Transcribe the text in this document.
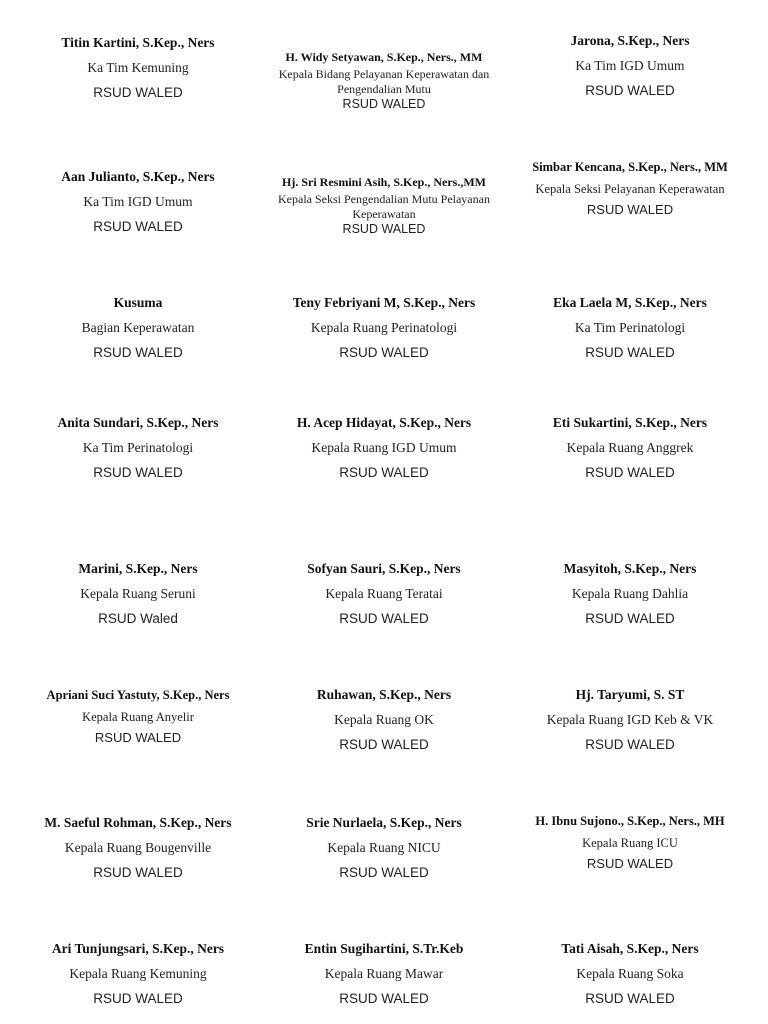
Titin Kartini, S.Kep., Ners
Ka Tim Kemuning
RSUD WALED
H. Widy Setyawan, S.Kep., Ners., MM
Kepala Bidang Pelayanan Keperawatan dan Pengendalian Mutu
RSUD WALED
Jarona, S.Kep., Ners
Ka Tim IGD Umum
RSUD WALED
Aan Julianto, S.Kep., Ners
Ka Tim IGD Umum
RSUD WALED
Hj. Sri Resmini Asih, S.Kep., Ners.,MM
Kepala Seksi Pengendalian Mutu Pelayanan Keperawatan
RSUD WALED
Simbar Kencana, S.Kep., Ners., MM
Kepala Seksi Pelayanan Keperawatan
RSUD WALED
Kusuma
Bagian Keperawatan
RSUD WALED
Teny Febriyani M, S.Kep., Ners
Kepala Ruang Perinatologi
RSUD WALED
Eka Laela M, S.Kep., Ners
Ka Tim Perinatologi
RSUD WALED
Anita Sundari, S.Kep., Ners
Ka Tim Perinatologi
RSUD WALED
H. Acep Hidayat, S.Kep., Ners
Kepala Ruang IGD Umum
RSUD WALED
Eti Sukartini, S.Kep., Ners
Kepala Ruang Anggrek
RSUD WALED
Marini, S.Kep., Ners
Kepala Ruang Seruni
RSUD Waled
Sofyan Sauri, S.Kep., Ners
Kepala Ruang Teratai
RSUD WALED
Masyitoh, S.Kep., Ners
Kepala Ruang Dahlia
RSUD WALED
Apriani Suci Yastuty, S.Kep., Ners
Kepala Ruang Anyelir
RSUD WALED
Ruhawan, S.Kep., Ners
Kepala Ruang OK
RSUD WALED
Hj. Taryumi, S. ST
Kepala Ruang IGD Keb & VK
RSUD WALED
M. Saeful Rohman, S.Kep., Ners
Kepala Ruang Bougenville
RSUD WALED
Srie Nurlaela, S.Kep., Ners
Kepala Ruang NICU
RSUD WALED
H. Ibnu Sujono., S.Kep., Ners., MH
Kepala Ruang ICU
RSUD WALED
Ari Tunjungsari, S.Kep., Ners
Kepala Ruang Kemuning
RSUD WALED
Entin Sugihartini, S.Tr.Keb
Kepala Ruang Mawar
RSUD WALED
Tati Aisah, S.Kep., Ners
Kepala Ruang Soka
RSUD WALED
